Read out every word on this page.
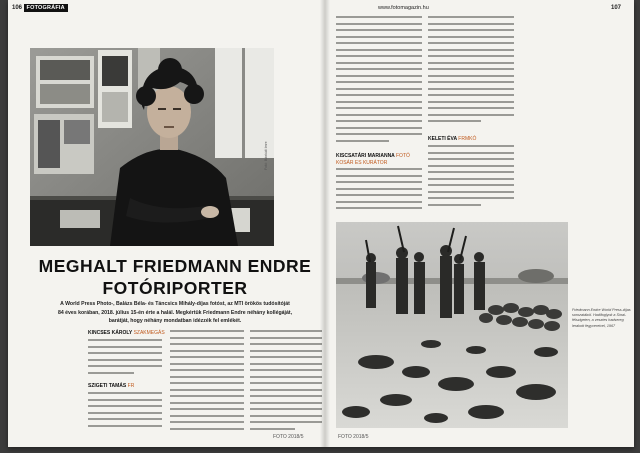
106 FOTOGRÁFIA	www.fotomagazin.hu	107
Fotó: Bánkúti Imre
MEGHALT FRIEDMANN ENDRE
FOTÓRIPORTER
A World Press Photo-, Balázs Béla- és Táncsics Mihály-díjas fotóst, az MTI örökös tudósítóját
84 éves korában, 2018. július 15-én érte a halál. Megkértük Friedmann Endre néhány kollégáját,
barátját, hogy néhány mondatban idézzék fel emlékét.
KINCSES KÁROLY SZAKMEGÁS
SZIGETI TAMÁS FR
KISCSATÁRI MARIANNA FOTÓ
KOSÁR ES KURÁTOR
KELETI ÉVA FRMKÓ
Friedmann Endre World Press-díjas sorozatából. Hadifoglyok a Sínai-félszigeten, a vesztes hadsereg lerakott fegyvereivel, 1967
FOTO 2018/5	FOTO 2018/5
